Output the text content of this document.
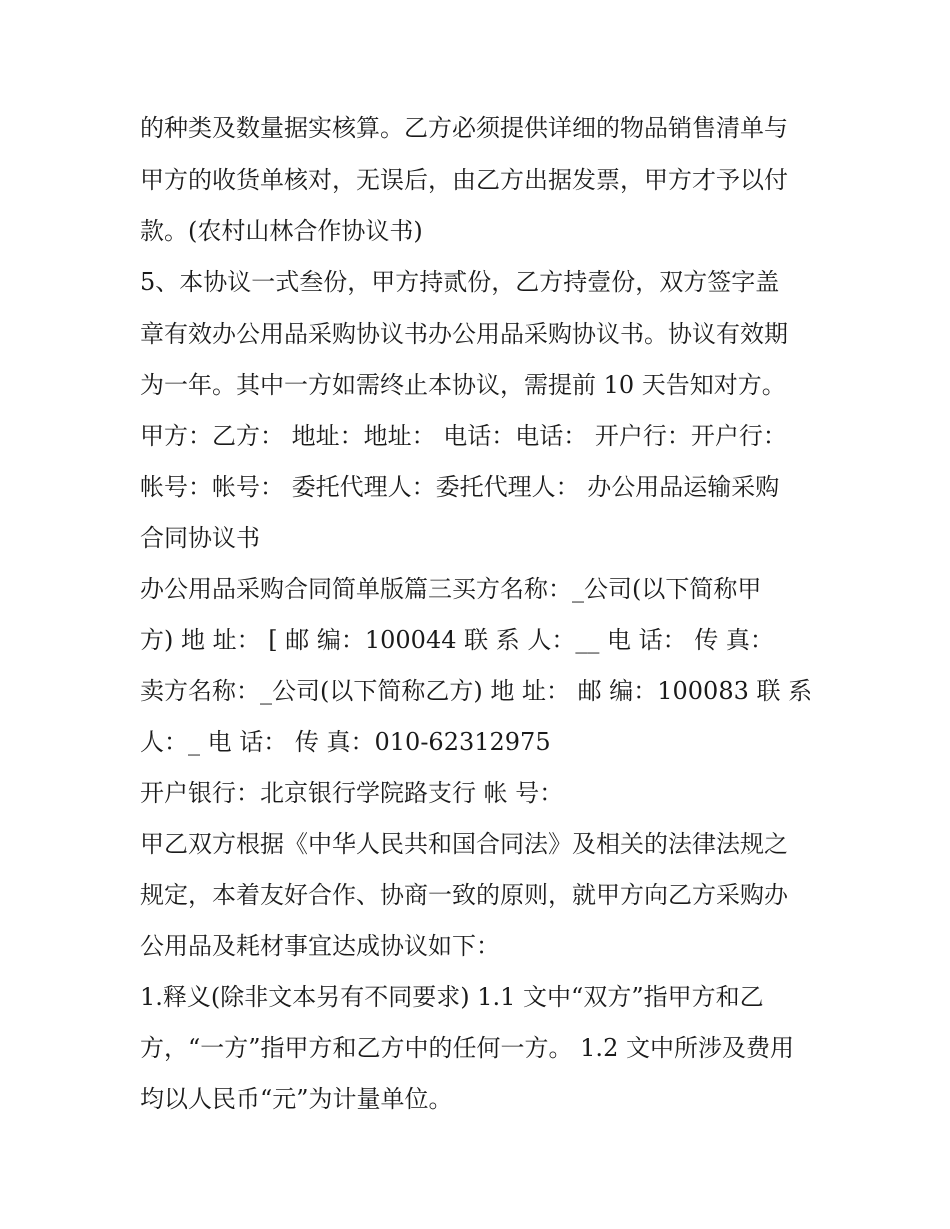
的种类及数量据实核算。乙方必须提供详细的物品销售清单与
甲方的收货单核对，无误后，由乙方出据发票，甲方才予以付
款。(农村山林合作协议书)
5、本协议一式叁份，甲方持贰份，乙方持壹份，双方签字盖
章有效办公用品采购协议书办公用品采购协议书。协议有效期
为一年。其中一方如需终止本协议，需提前 10 天告知对方。
甲方：乙方： 地址：地址： 电话：电话： 开户行：开户行：
帐号：帐号： 委托代理人：委托代理人： 办公用品运输采购
合同协议书
办公用品采购合同简单版篇三买方名称：_公司(以下简称甲
方) 地 址： [ 邮 编：100044 联 系 人：__ 电 话： 传 真：
卖方名称：_公司(以下简称乙方) 地 址： 邮 编：100083 联 系
人：_ 电 话： 传 真：010-62312975
开户银行：北京银行学院路支行 帐 号：
甲乙双方根据《中华人民共和国合同法》及相关的法律法规之
规定，本着友好合作、协商一致的原则，就甲方向乙方采购办
公用品及耗材事宜达成协议如下：
1.释义(除非文本另有不同要求) 1.1 文中“双方”指甲方和乙
方，“一方”指甲方和乙方中的任何一方。 1.2 文中所涉及费用
均以人民币“元”为计量单位。
